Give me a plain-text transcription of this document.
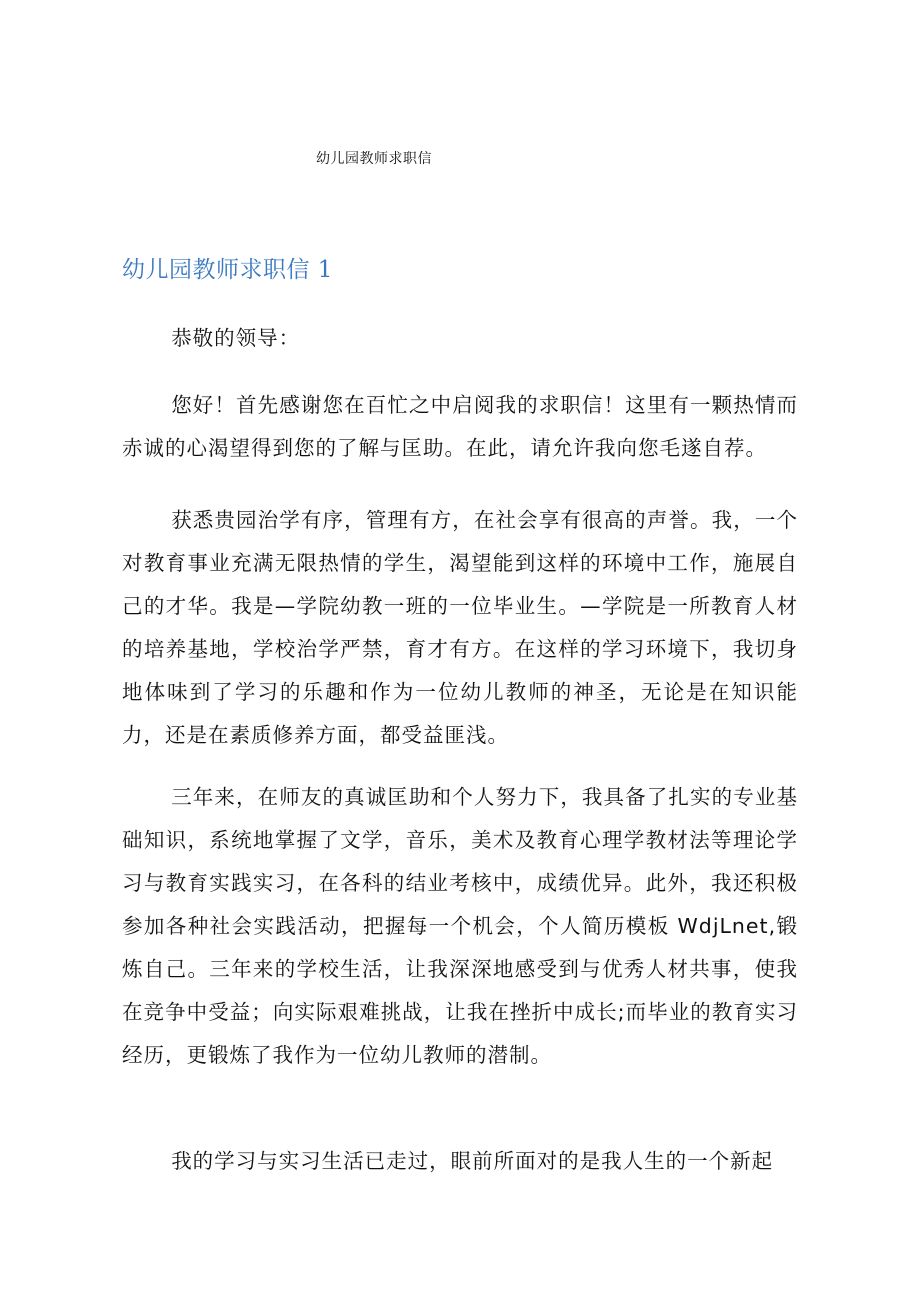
幼儿园教师求职信
幼儿园教师求职信 1

恭敬的领导：

您好！首先感谢您在百忙之中启阅我的求职信！这里有一颗热情而赤诚的心渴望得到您的了解与匡助。在此，请允许我向您毛遂自荐。

获悉贵园治学有序，管理有方，在社会享有很高的声誉。我，一个对教育事业充满无限热情的学生，渴望能到这样的环境中工作，施展自己的才华。我是—学院幼教一班的一位毕业生。—学院是一所教育人材的培养基地，学校治学严禁，育才有方。在这样的学习环境下，我切身地体味到了学习的乐趣和作为一位幼儿教师的神圣，无论是在知识能力，还是在素质修养方面，都受益匪浅。

三年来，在师友的真诚匡助和个人努力下，我具备了扎实的专业基础知识，系统地掌握了文学，音乐，美术及教育心理学教材法等理论学习与教育实践实习，在各科的结业考核中，成绩优异。此外，我还积极参加各种社会实践活动，把握每一个机会，个人简历模板 WdjLnet,锻炼自己。三年来的学校生活，让我深深地感受到与优秀人材共事，使我在竞争中受益；向实际艰难挑战，让我在挫折中成长;而毕业的教育实习经历，更锻炼了我作为一位幼儿教师的潜制。

我的学习与实习生活已走过，眼前所面对的是我人生的一个新起
